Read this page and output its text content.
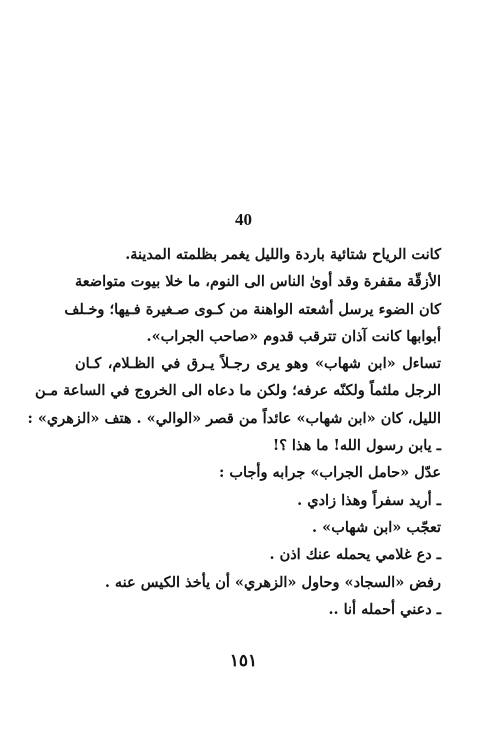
40
كانت الرياح شتائية باردة والليل يغمر بظلمته المدينة.
الأزقّة مقفرة وقد أوىٰ الناس الى النوم، ما خلا بيوت متواضعة
كان الضوء يرسل أشعته الواهنة من كـوى صـغيرة فـيها؛ وخـلف
أبوابها كانت آذان تترقب قدوم «صاحب الجراب».
تساءل «ابن شهاب» وهو يرى رجـلاً يـرق في الظـلام، كـان
الرجل ملثماً ولكنّه عرفه؛ ولكن ما دعاه الى الخروج في الساعة مـن
الليل، كان «ابن شهاب» عائداً من قصر «الوالي» . هتف «الزهري» :
ـ يابن رسول الله! ما هذا ؟!
عدّل «حامل الجراب» جرابه وأجاب :
ـ أريد سفراً وهذا زادي .
تعجّب «ابن شهاب» .
ـ دع غلامي يحمله عنك اذن .
رفض «السجاد» وحاول «الزهري» أن يأخذ الكيس عنه .
ـ دعني أحمله أنا ..
١٥١
